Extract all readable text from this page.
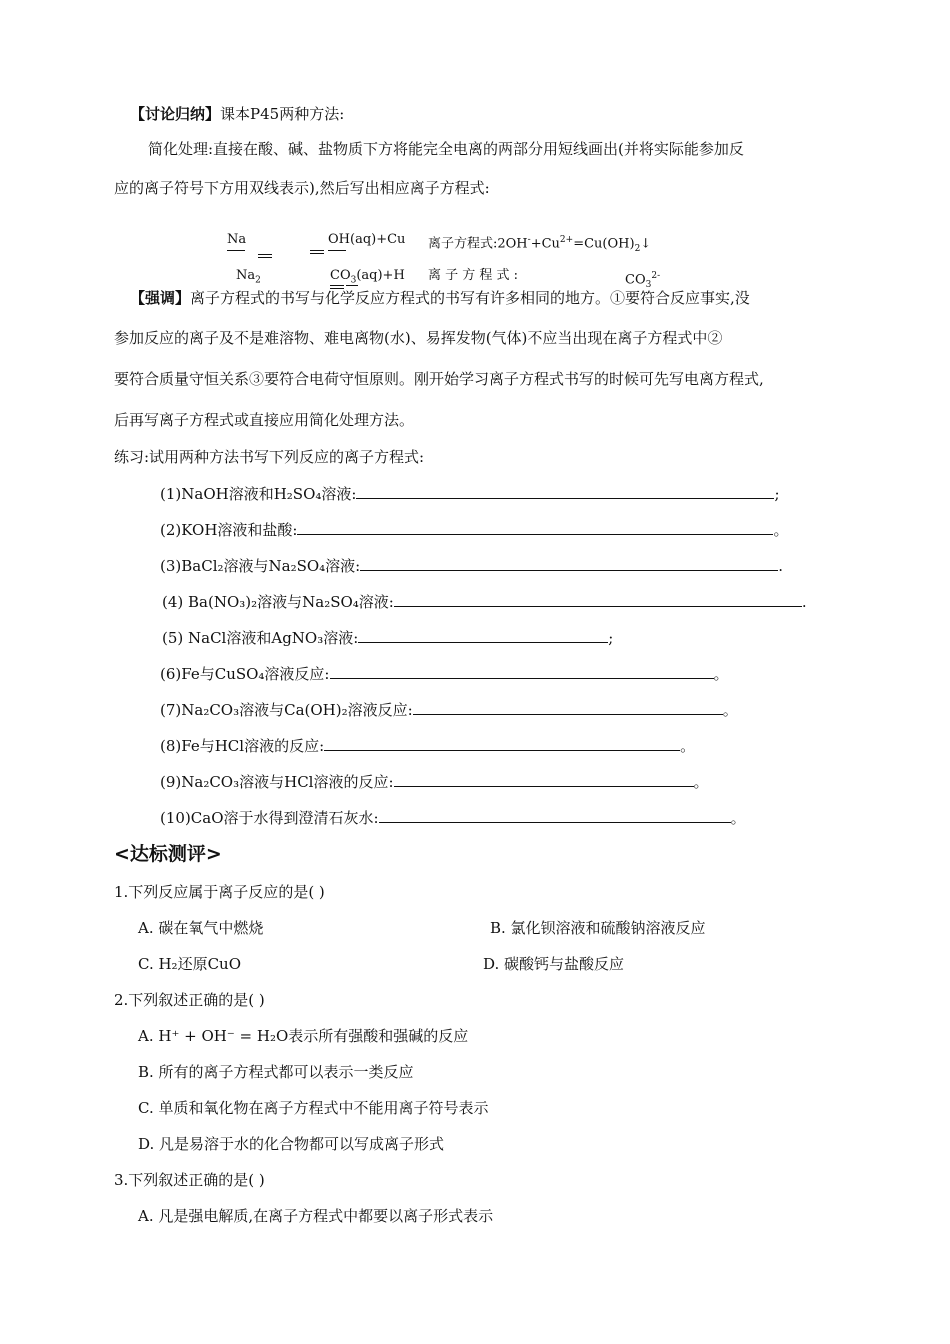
【讨论归纳】课本P45两种方法:
简化处理:直接在酸、碱、盐物质下方将能完全电离的两部分用短线画出(并将实际能参加反
应的离子符号下方用双线表示),然后写出相应离子方程式:
Na	OH(aq)+Cu 离子方程式$:2OH^-+Cu^{2+}=Cu(OH)_2↓$
$Na_2$	$CO_3(aq)+H$ 离 子 方 程 式 :	$CO_3^{2-}$
【强调】离子方程式的书写与化学反应方程式的书写有许多相同的地方。①要符合反应事实,没
参加反应的离子及不是难溶物、难电离物(水)、易挥发物(气体)不应当出现在离子方程式中②
要符合质量守恒关系③要符合电荷守恒原则。刚开始学习离子方程式书写的时候可先写电离方程式,
后再写离子方程式或直接应用简化处理方法。
练习:试用两种方法书写下列反应的离子方程式:
(1)NaOH溶液和H₂SO₄溶液:	;
(2)KOH溶液和盐酸:	。
(3)BaCl₂溶液与Na₂SO₄溶液:	.
(4) Ba(NO₃)₂溶液与Na₂SO₄溶液:	.
(5) NaCl溶液和AgNO₃溶液:	;
(6)Fe与CuSO₄溶液反应:	。
(7)Na₂CO₃溶液与Ca(OH)₂溶液反应:	。
(8)Fe与HCl溶液的反应:	。
(9)Na₂CO₃溶液与HCl溶液的反应:	。
(10)CaO溶于水得到澄清石灰水:	。
<达标测评>
1.下列反应属于离子反应的是( )
A. 碳在氧气中燃烧	B. 氯化钡溶液和硫酸钠溶液反应
C. H₂还原CuO	D. 碳酸钙与盐酸反应
2.下列叙述正确的是( )
A. H⁺ + OH⁻ = H₂O表示所有强酸和强碱的反应
B. 所有的离子方程式都可以表示一类反应
C. 单质和氧化物在离子方程式中不能用离子符号表示
D. 凡是易溶于水的化合物都可以写成离子形式
3.下列叙述正确的是( )
A. 凡是强电解质,在离子方程式中都要以离子形式表示
